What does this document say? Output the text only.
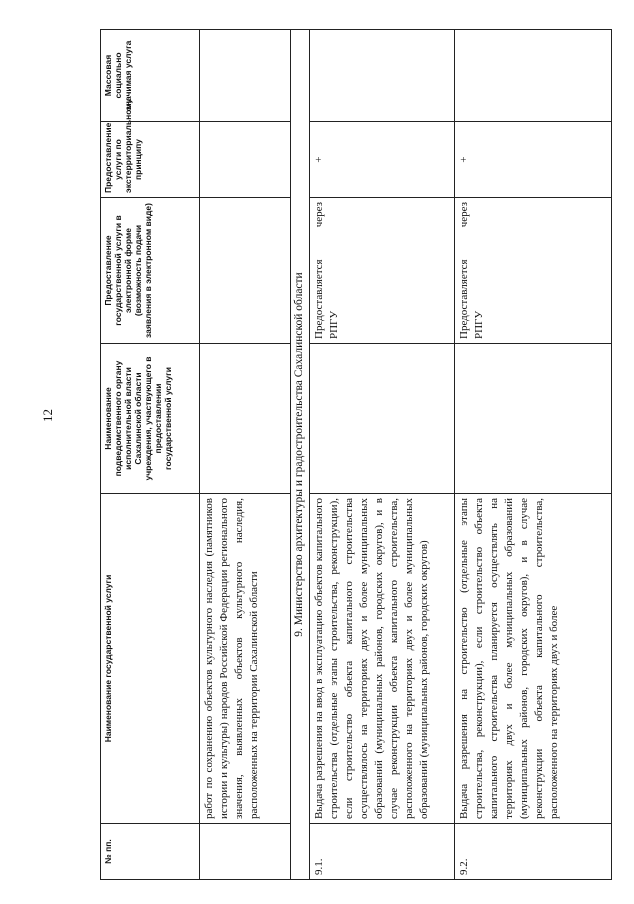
12
№ пп.	Наименование государственной услуги	Наименование подведомственного органу исполнительной власти Сахалинской области учреждения, участвующего в предоставлении государственной услуги	Предоставление государственной услуги в электронной форме (возможность подачи заявления в электронном виде)	Предоставление услуги по экстерриториальному принципу	Массовая социально значимая услуга
	работ по сохранению объектов культурного наследия (памятников истории и культуры) народов Российской Федерации регионального значения, выявленных объектов культурного наследия, расположенных на территории Сахалинской области				
9. Министерство архитектуры и градостроительства Сахалинской области					
9.1.	Выдача разрешения на ввод в эксплуатацию объектов капитального строительства (отдельные этапы строительства, реконструкции), если строительство объекта капитального строительства осуществлялось на территориях двух и более муниципальных образований (муниципальных районов, городских округов), и в случае реконструкции объекта капитального строительства, расположенного на территориях двух и более муниципальных образований (муниципальных районов, городских округов)		Предоставляется через РПГУ	+	
9.2.	Выдача разрешения на строительство (отдельные этапы строительства, реконструкции), если строительство объекта капитального строительства планируется осуществлять на территориях двух и более муниципальных образований (муниципальных районов, городских округов), и в случае реконструкции объекта капитального строительства, расположенного на территориях двух и более		Предоставляется через РПГУ	+	
